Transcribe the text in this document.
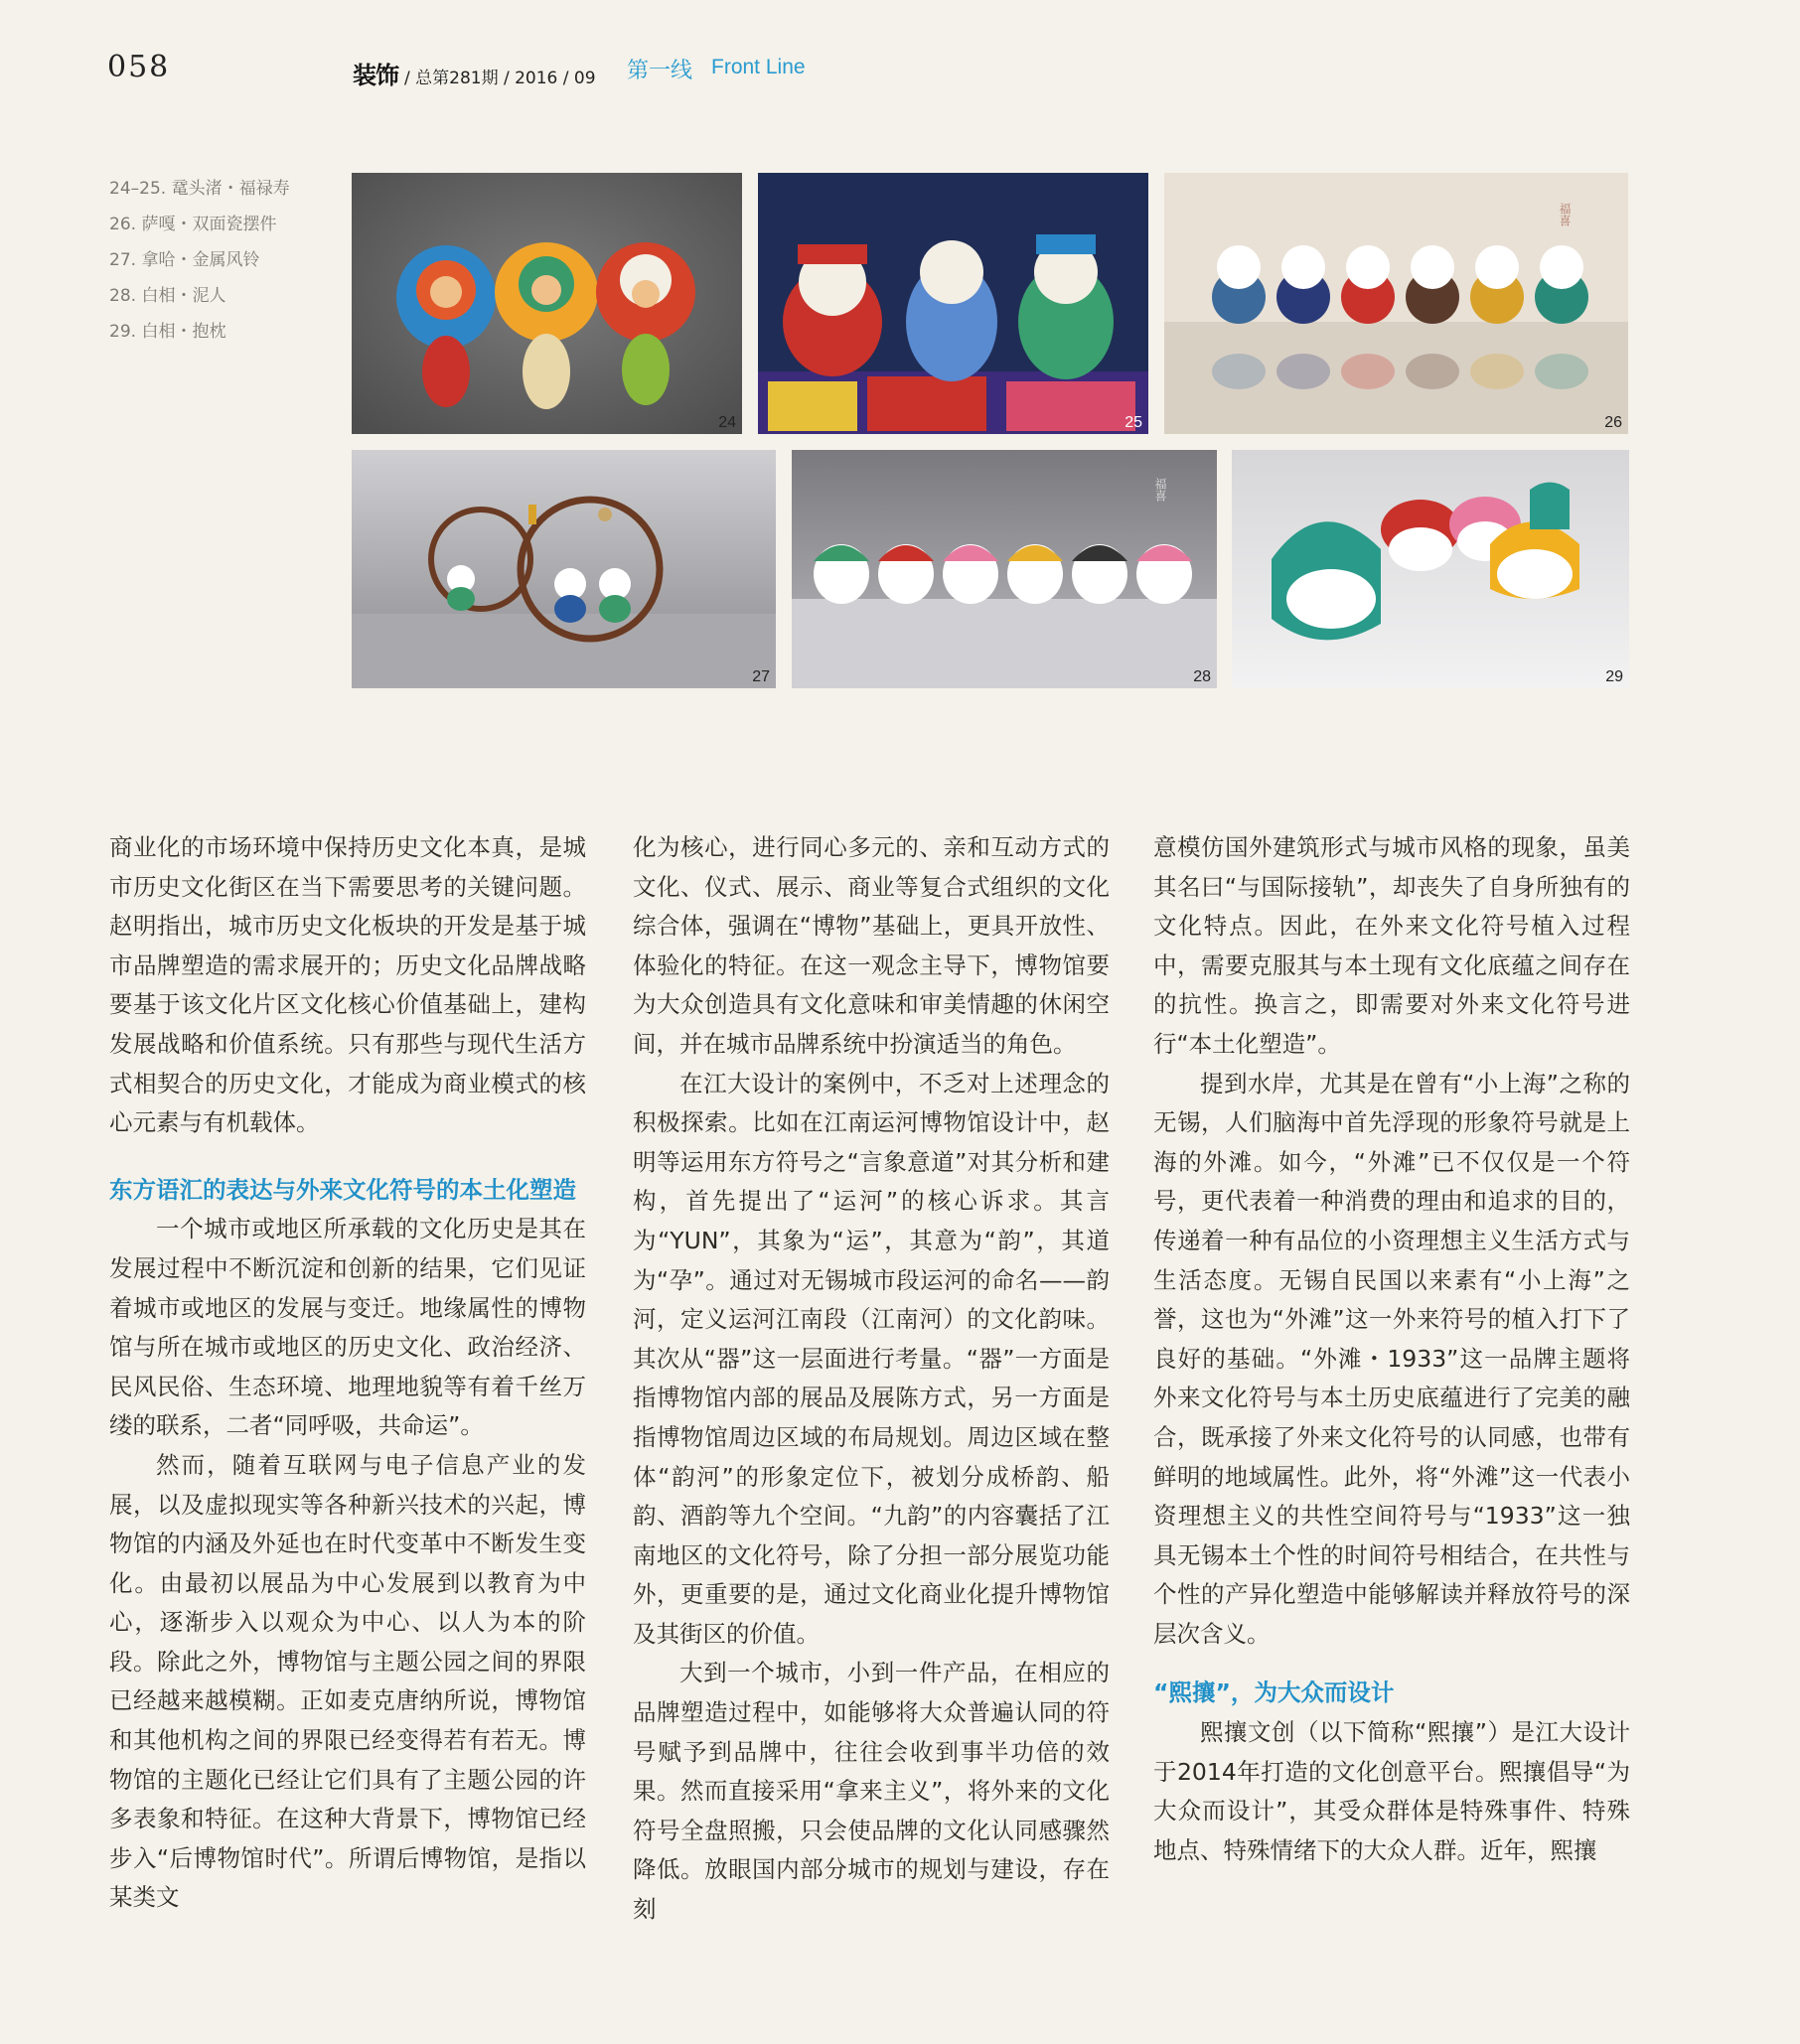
058	装饰 / 总第281期 / 2016 / 09 第一线 Front Line
24–25. 鼋头渚・福禄寿
26. 萨嘎・双面瓷摆件
27. 拿哈・金属风铃
28. 白相・泥人
29. 白相・抱枕
24	25
福喜
26
27
福喜
28	29

商业化的市场环境中保持历史文化本真，是城市历史文化街区在当下需要思考的关键问题。赵明指出，城市历史文化板块的开发是基于城市品牌塑造的需求展开的；历史文化品牌战略要基于该文化片区文化核心价值基础上，建构发展战略和价值系统。只有那些与现代生活方式相契合的历史文化，才能成为商业模式的核心元素与有机载体。

东方语汇的表达与外来文化符号的本土化塑造

一个城市或地区所承载的文化历史是其在发展过程中不断沉淀和创新的结果，它们见证着城市或地区的发展与变迁。地缘属性的博物馆与所在城市或地区的历史文化、政治经济、民风民俗、生态环境、地理地貌等有着千丝万缕的联系，二者“同呼吸，共命运”。

然而，随着互联网与电子信息产业的发展，以及虚拟现实等各种新兴技术的兴起，博物馆的内涵及外延也在时代变革中不断发生变化。由最初以展品为中心发展到以教育为中心，逐渐步入以观众为中心、以人为本的阶段。除此之外，博物馆与主题公园之间的界限已经越来越模糊。正如麦克唐纳所说，博物馆和其他机构之间的界限已经变得若有若无。博物馆的主题化已经让它们具有了主题公园的许多表象和特征。在这种大背景下，博物馆已经步入“后博物馆时代”。所谓后博物馆，是指以某类文

化为核心，进行同心多元的、亲和互动方式的文化、仪式、展示、商业等复合式组织的文化综合体，强调在“博物”基础上，更具开放性、体验化的特征。在这一观念主导下，博物馆要为大众创造具有文化意味和审美情趣的休闲空间，并在城市品牌系统中扮演适当的角色。

在江大设计的案例中，不乏对上述理念的积极探索。比如在江南运河博物馆设计中，赵明等运用东方符号之“言象意道”对其分析和建构，首先提出了“运河”的核心诉求。其言为“YUN”，其象为“运”，其意为“韵”，其道为“孕”。通过对无锡城市段运河的命名——韵河，定义运河江南段（江南河）的文化韵味。其次从“器”这一层面进行考量。“器”一方面是指博物馆内部的展品及展陈方式，另一方面是指博物馆周边区域的布局规划。周边区域在整体“韵河”的形象定位下，被划分成桥韵、船韵、酒韵等九个空间。“九韵”的内容囊括了江南地区的文化符号，除了分担一部分展览功能外，更重要的是，通过文化商业化提升博物馆及其街区的价值。

大到一个城市，小到一件产品，在相应的品牌塑造过程中，如能够将大众普遍认同的符号赋予到品牌中，往往会收到事半功倍的效果。然而直接采用“拿来主义”，将外来的文化符号全盘照搬，只会使品牌的文化认同感骤然降低。放眼国内部分城市的规划与建设，存在刻

意模仿国外建筑形式与城市风格的现象，虽美其名曰“与国际接轨”，却丧失了自身所独有的文化特点。因此，在外来文化符号植入过程中，需要克服其与本土现有文化底蕴之间存在的抗性。换言之，即需要对外来文化符号进行“本土化塑造”。

提到水岸，尤其是在曾有“小上海”之称的无锡，人们脑海中首先浮现的形象符号就是上海的外滩。如今，“外滩”已不仅仅是一个符号，更代表着一种消费的理由和追求的目的，传递着一种有品位的小资理想主义生活方式与生活态度。无锡自民国以来素有“小上海”之誉，这也为“外滩”这一外来符号的植入打下了良好的基础。“外滩・1933”这一品牌主题将外来文化符号与本土历史底蕴进行了完美的融合，既承接了外来文化符号的认同感，也带有鲜明的地域属性。此外，将“外滩”这一代表小资理想主义的共性空间符号与“1933”这一独具无锡本土个性的时间符号相结合，在共性与个性的产异化塑造中能够解读并释放符号的深层次含义。

“熙攘”，为大众而设计

熙攘文创（以下简称“熙攘”）是江大设计于2014年打造的文化创意平台。熙攘倡导“为大众而设计”，其受众群体是特殊事件、特殊地点、特殊情绪下的大众人群。近年，熙攘
